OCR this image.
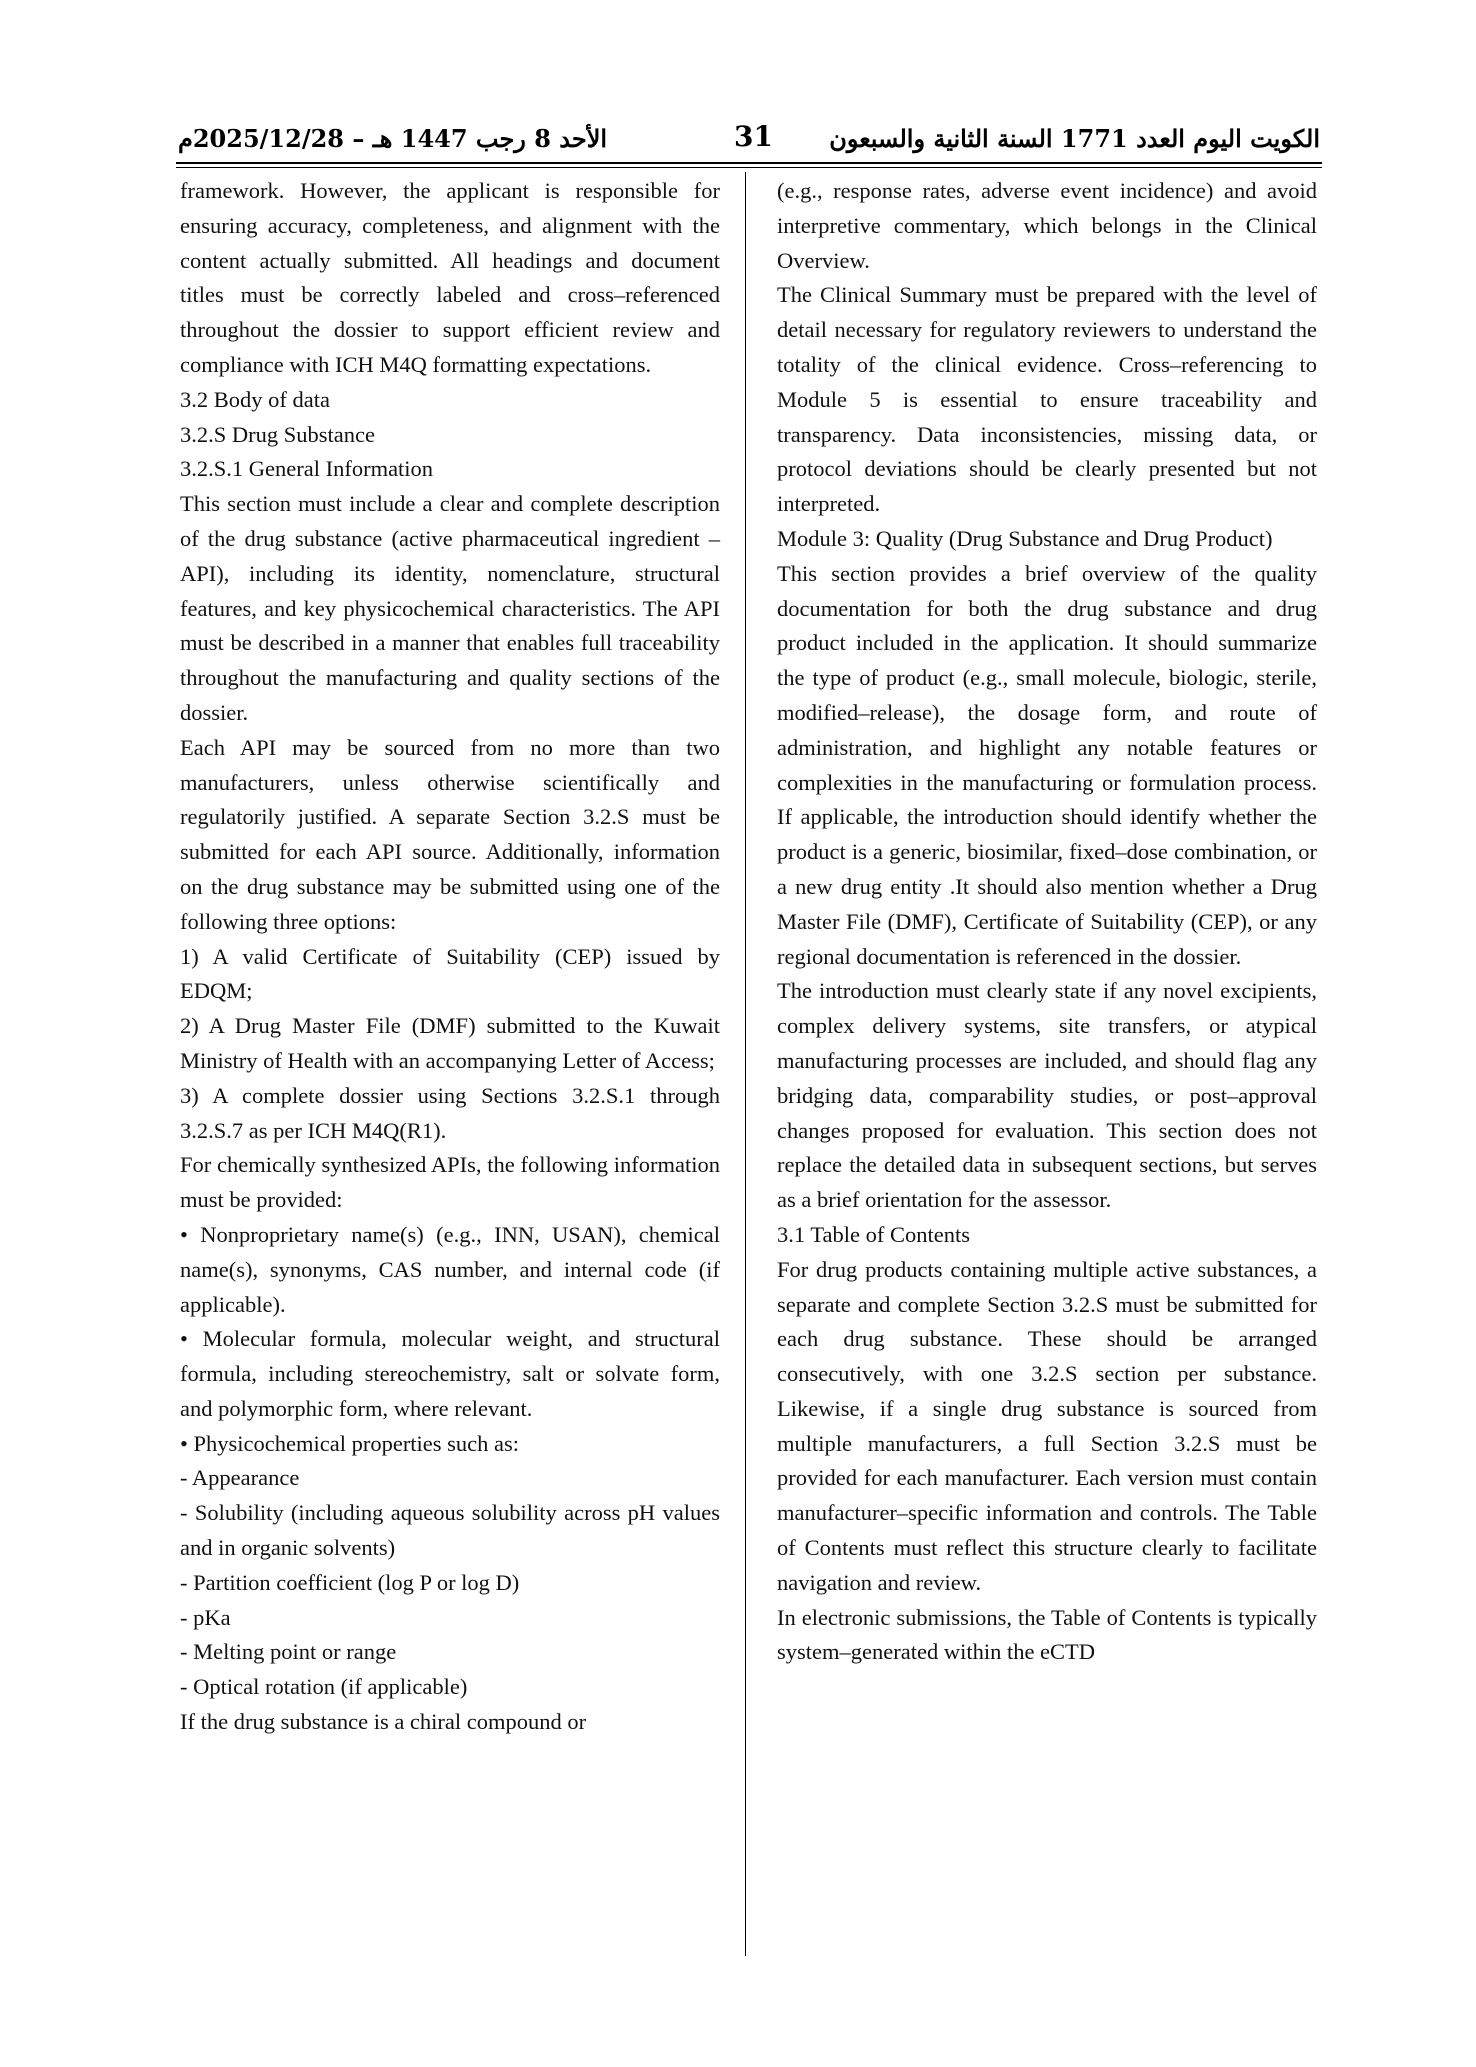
الأحد 8 رجب 1447 هـ – 2025/12/28م	31 الكويت اليوم العدد 1771 السنة الثانية والسبعون

framework. However, the applicant is responsible for ensuring accuracy, completeness, and alignment with the content actually submitted. All headings and document titles must be correctly labeled and cross–referenced throughout the dossier to support efficient review and compliance with ICH M4Q formatting expectations.

3.2 Body of data

3.2.S Drug Substance

3.2.S.1 General Information

This section must include a clear and complete description of the drug substance (active pharmaceutical ingredient – API), including its identity, nomenclature, structural features, and key physicochemical characteristics. The API must be described in a manner that enables full traceability throughout the manufacturing and quality sections of the dossier.

Each API may be sourced from no more than two manufacturers, unless otherwise scientifically and regulatorily justified. A separate Section 3.2.S must be submitted for each API source. Additionally, information on the drug substance may be submitted using one of the following three options:

1) A valid Certificate of Suitability (CEP) issued by EDQM;

2) A Drug Master File (DMF) submitted to the Kuwait Ministry of Health with an accompanying Letter of Access;

3) A complete dossier using Sections 3.2.S.1 through 3.2.S.7 as per ICH M4Q(R1).

For chemically synthesized APIs, the following information must be provided:

• Nonproprietary name(s) (e.g., INN, USAN), chemical name(s), synonyms, CAS number, and internal code (if applicable).

• Molecular formula, molecular weight, and structural formula, including stereochemistry, salt or solvate form, and polymorphic form, where relevant.

• Physicochemical properties such as:

- Appearance

- Solubility (including aqueous solubility across pH values and in organic solvents)

- Partition coefficient (log P or log D)

- pKa

- Melting point or range

- Optical rotation (if applicable)

If the drug substance is a chiral compound or

(e.g., response rates, adverse event incidence) and avoid interpretive commentary, which belongs in the Clinical Overview.

The Clinical Summary must be prepared with the level of detail necessary for regulatory reviewers to understand the totality of the clinical evidence. Cross–referencing to Module 5 is essential to ensure traceability and transparency. Data inconsistencies, missing data, or protocol deviations should be clearly presented but not interpreted.

Module 3: Quality (Drug Substance and Drug Product)

This section provides a brief overview of the quality documentation for both the drug substance and drug product included in the application. It should summarize the type of product (e.g., small molecule, biologic, sterile, modified–release), the dosage form, and route of administration, and highlight any notable features or complexities in the manufacturing or formulation process. If applicable, the introduction should identify whether the product is a generic, biosimilar, fixed–dose combination, or a new drug entity .It should also mention whether a Drug Master File (DMF), Certificate of Suitability (CEP), or any regional documentation is referenced in the dossier.

The introduction must clearly state if any novel excipients, complex delivery systems, site transfers, or atypical manufacturing processes are included, and should flag any bridging data, comparability studies, or post–approval changes proposed for evaluation. This section does not replace the detailed data in subsequent sections, but serves as a brief orientation for the assessor.

3.1 Table of Contents

For drug products containing multiple active substances, a separate and complete Section 3.2.S must be submitted for each drug substance. These should be arranged consecutively, with one 3.2.S section per substance. Likewise, if a single drug substance is sourced from multiple manufacturers, a full Section 3.2.S must be provided for each manufacturer. Each version must contain manufacturer–specific information and controls. The Table of Contents must reflect this structure clearly to facilitate navigation and review.

In electronic submissions, the Table of Contents is typically system–generated within the eCTD
